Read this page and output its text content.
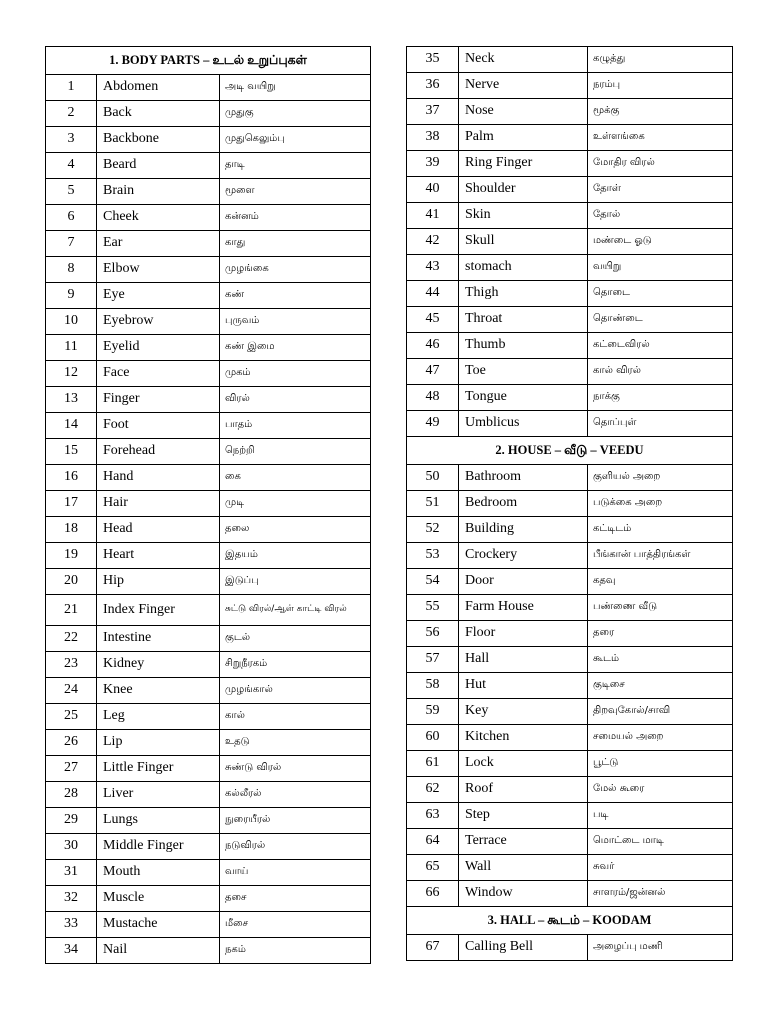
1. BODY PARTS – உடல் உறுப்புகள்		
1	Abdomen	அடி வயிறு
2	Back	முதுகு
3	Backbone	முதுகெலும்பு
4	Beard	தாடி
5	Brain	மூளை
6	Cheek	கன்னம்
7	Ear	காது
8	Elbow	முழங்கை
9	Eye	கண்
10	Eyebrow	புருவம்
11	Eyelid	கண் இமை
12	Face	முகம்
13	Finger	விரல்
14	Foot	பாதம்
15	Forehead	நெற்றி
16	Hand	கை
17	Hair	முடி
18	Head	தலை
19	Heart	இதயம்
20	Hip	இடுப்பு
21	Index Finger	சுட்டு விரல்/ஆள் காட்டி விரல்
22	Intestine	குடல்
23	Kidney	சிறுநீரகம்
24	Knee	முழங்கால்
25	Leg	கால்
26	Lip	உதடு
27	Little Finger	சுண்டு விரல்
28	Liver	கல்லீரல்
29	Lungs	நுரையீரல்
30	Middle Finger	நடுவிரல்
31	Mouth	வாய்
32	Muscle	தசை
33	Mustache	மீசை
34	Nail	நகம்
35	Neck	கழுத்து
36	Nerve	நரம்பு
37	Nose	மூக்கு
38	Palm	உள்ளங்கை
39	Ring Finger	மோதிர விரல்
40	Shoulder	தோள்
41	Skin	தோல்
42	Skull	மண்டை ஓடு
43	stomach	வயிறு
44	Thigh	தொடை
45	Throat	தொண்டை
46	Thumb	கட்டைவிரல்
47	Toe	கால் விரல்
48	Tongue	நாக்கு
49	Umblicus	தொப்புள்
2. HOUSE – வீடு – VEEDU		
50	Bathroom	குளியல் அறை
51	Bedroom	படுக்கை அறை
52	Building	கட்டிடம்
53	Crockery	பீங்கான் பாத்திரங்கள்
54	Door	கதவு
55	Farm House	பண்ணை வீடு
56	Floor	தரை
57	Hall	கூடம்
58	Hut	குடிசை
59	Key	திறவுகோல்/சாவி
60	Kitchen	சமையல் அறை
61	Lock	பூட்டு
62	Roof	மேல் கூரை
63	Step	படி
64	Terrace	மொட்டை மாடி
65	Wall	சுவர்
66	Window	சாளரம்/ஜன்னல்
3. HALL – கூடம் – KOODAM		
67	Calling Bell	அழைப்பு மணி
